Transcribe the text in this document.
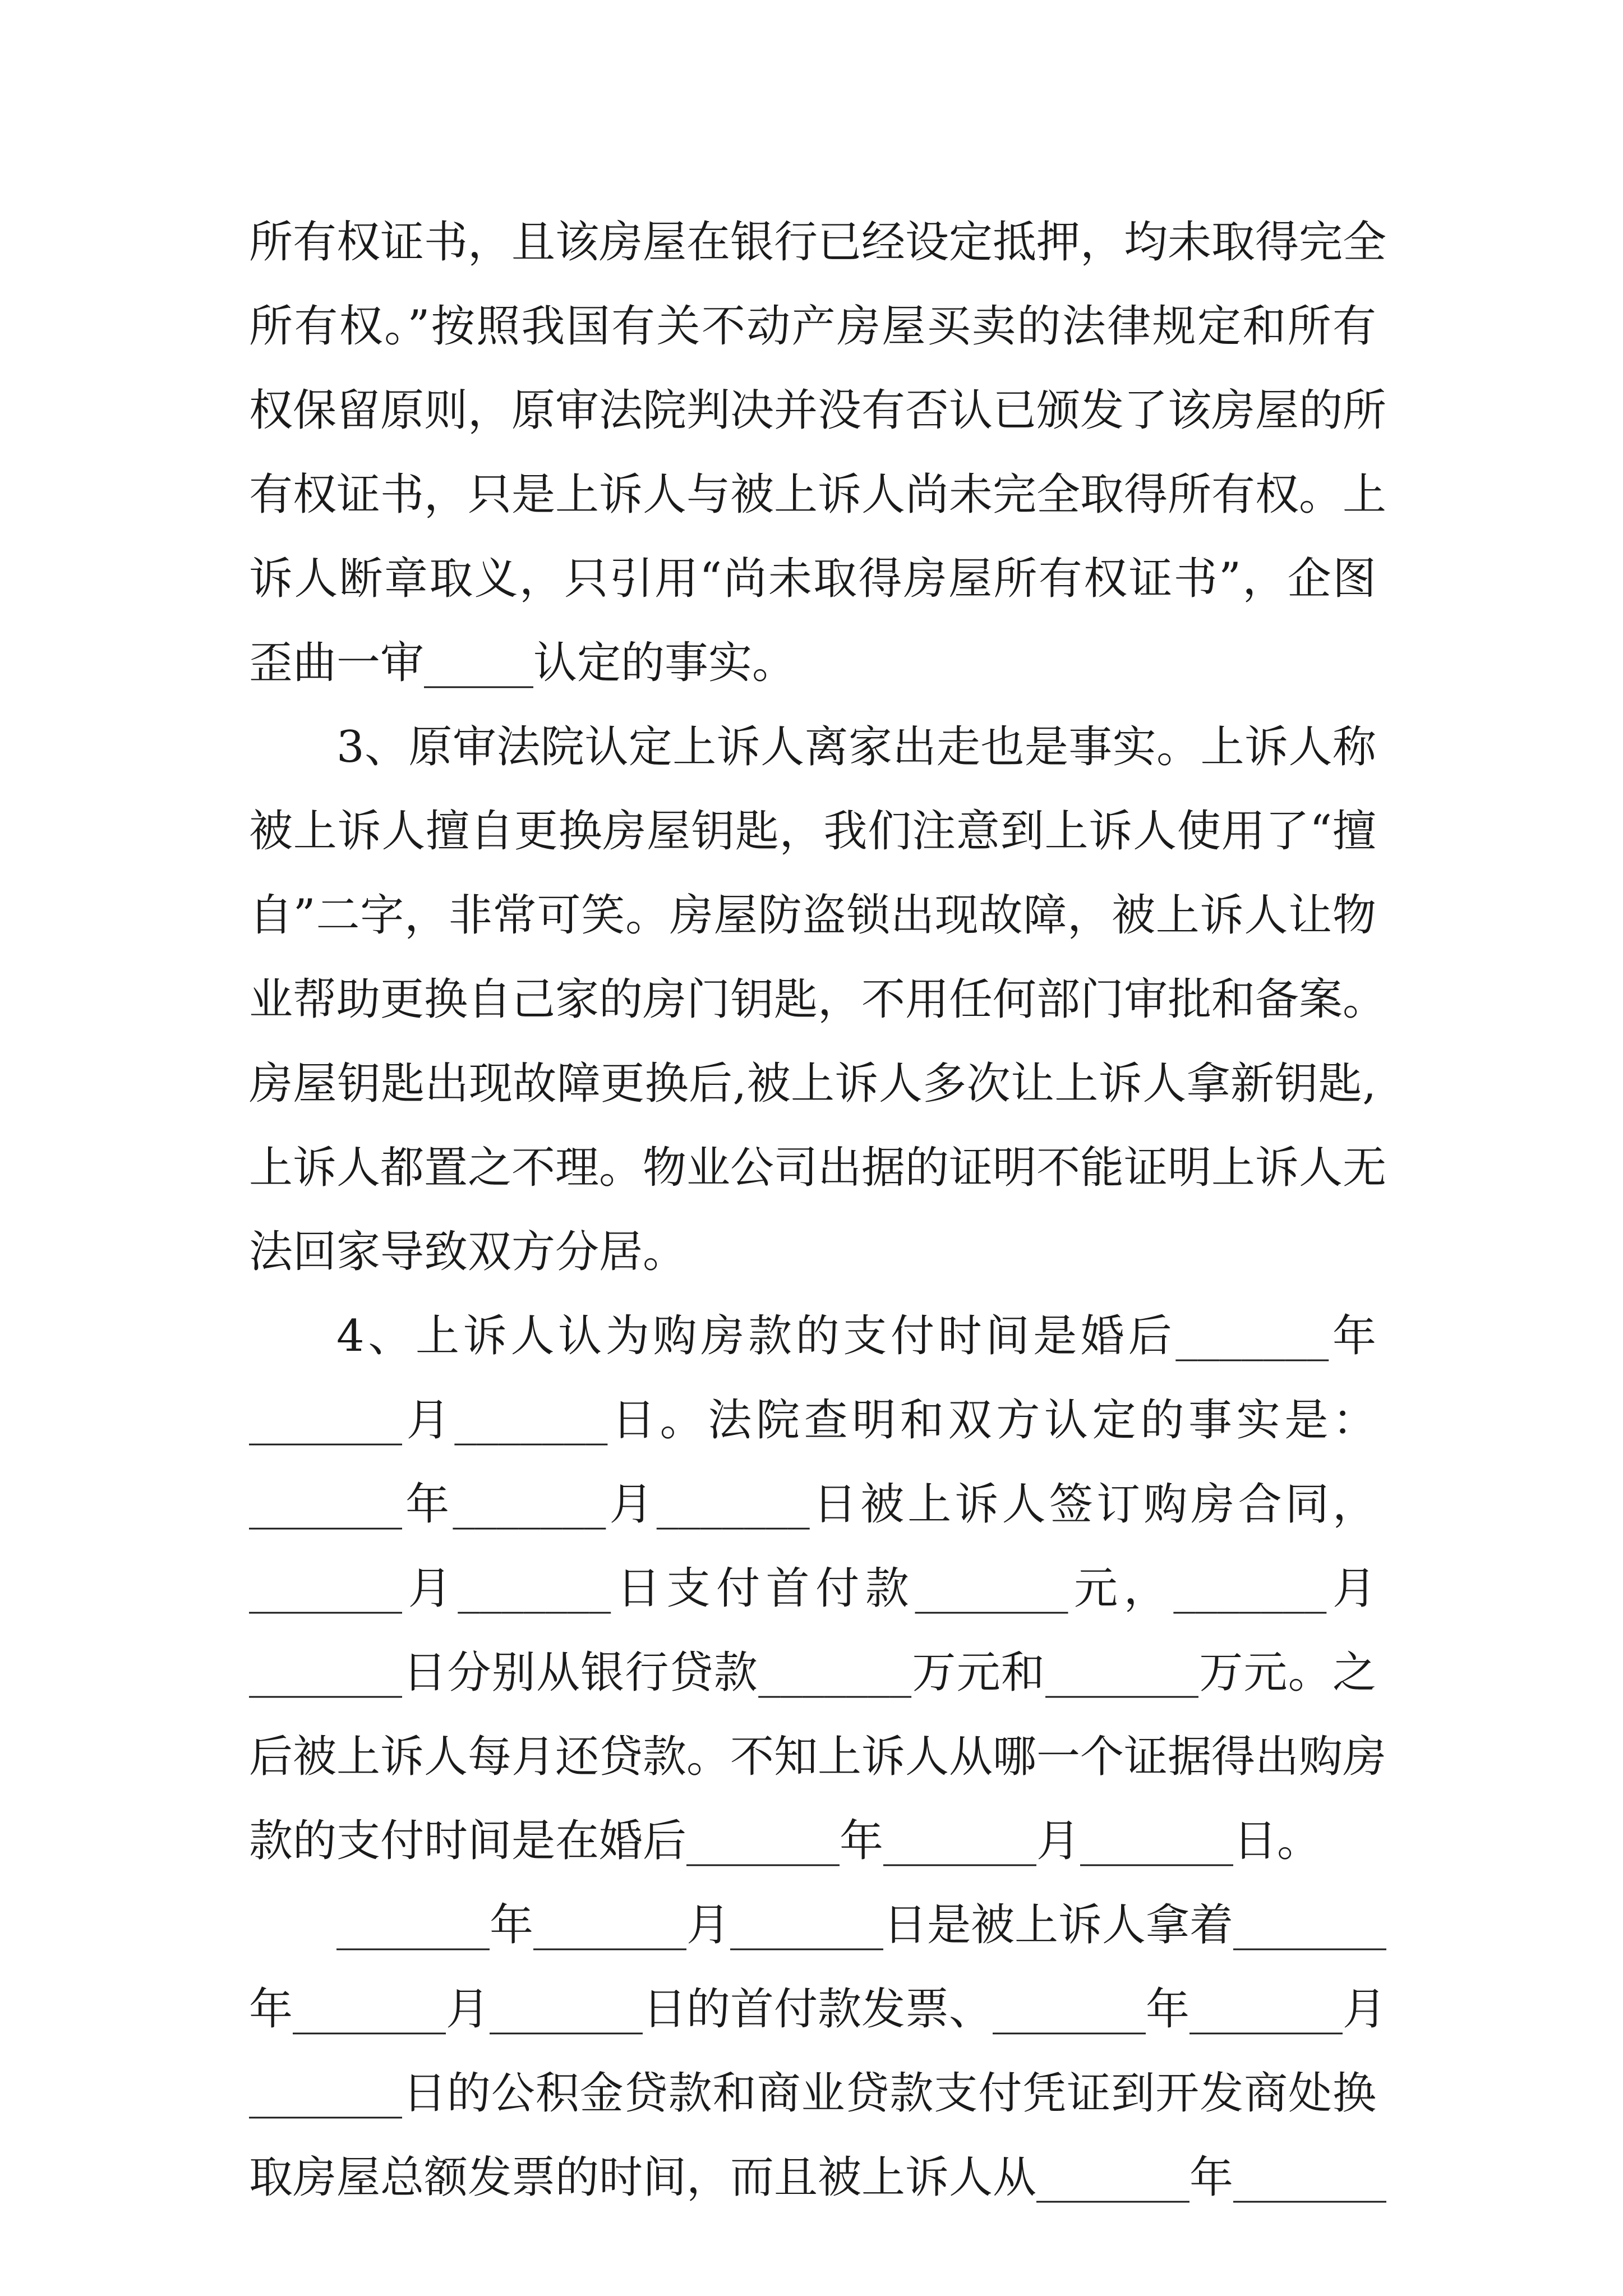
所有权证书，且该房屋在银行已经设定抵押，均未取得完全
所有权。”按照我国有关不动产房屋买卖的法律规定和所有
权保留原则，原审法院判决并没有否认已颁发了该房屋的所
有权证书，只是上诉人与被上诉人尚未完全取得所有权。上
诉人断章取义，只引用“尚未取得房屋所有权证书”，企图
歪曲一审_____认定的事实。
3、原审法院认定上诉人离家出走也是事实。上诉人称
被上诉人擅自更换房屋钥匙，我们注意到上诉人使用了“擅
自”二字，非常可笑。房屋防盗锁出现故障，被上诉人让物
业帮助更换自己家的房门钥匙，不用任何部门审批和备案。
房屋钥匙出现故障更换后,被上诉人多次让上诉人拿新钥匙,
上诉人都置之不理。物业公司出据的证明不能证明上诉人无
法回家导致双方分居。
4、上诉人认为购房款的支付时间是婚后_______年
_______月_______日。法院查明和双方认定的事实是：
_______年_______月_______日被上诉人签订购房合同，
_______月_______日支付首付款_______元，_______月
_______日分别从银行贷款_______万元和_______万元。之
后被上诉人每月还贷款。不知上诉人从哪一个证据得出购房
款的支付时间是在婚后_______年_______月_______日。
_______年_______月_______日是被上诉人拿着_______
年_______月_______日的首付款发票、_______年_______月
_______日的公积金贷款和商业贷款支付凭证到开发商处换
取房屋总额发票的时间，而且被上诉人从_______年_______
